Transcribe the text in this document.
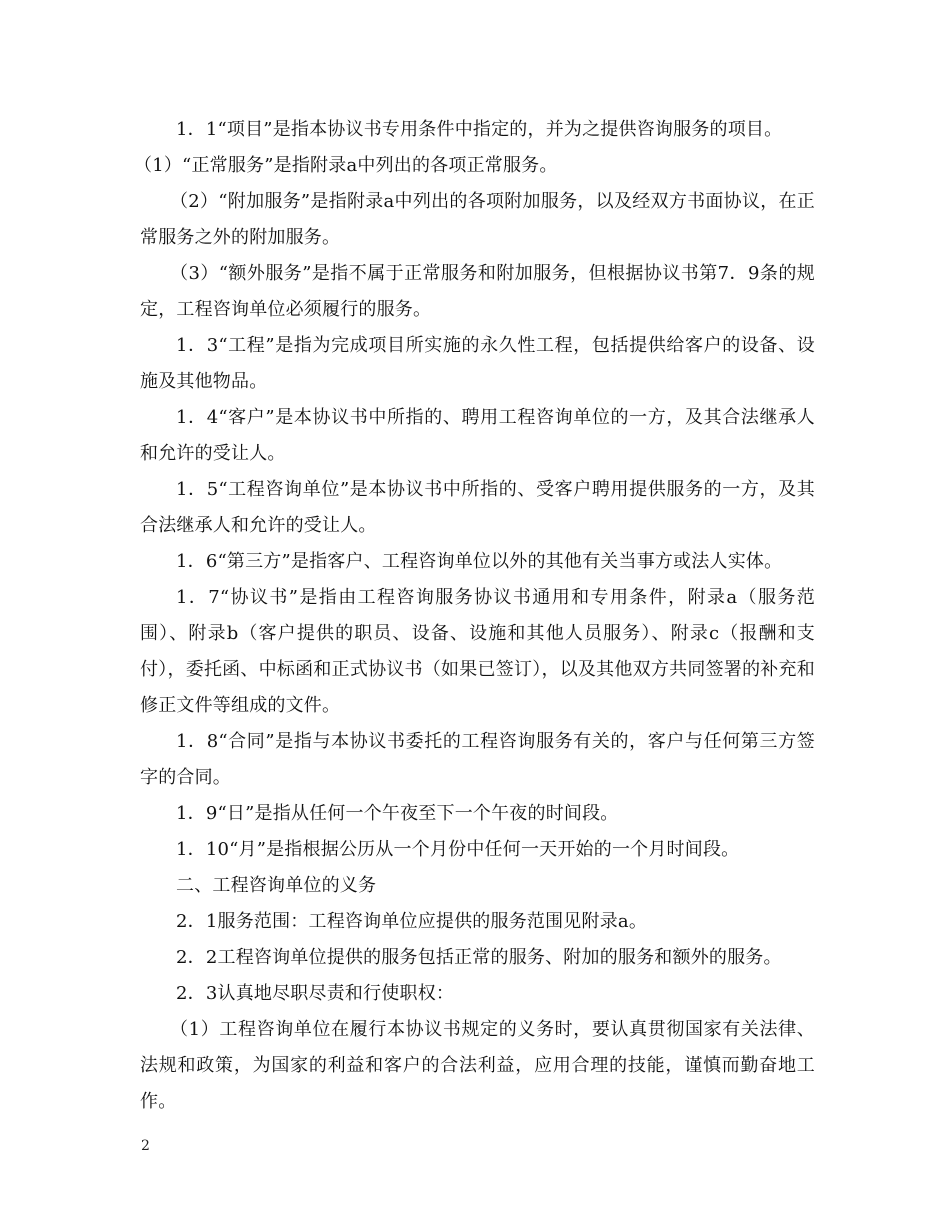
1．1“项目”是指本协议书专用条件中指定的，并为之提供咨询服务的项目。

（1）“正常服务”是指附录a中列出的各项正常服务。

（2）“附加服务”是指附录a中列出的各项附加服务，以及经双方书面协议，在正常服务之外的附加服务。

（3）“额外服务”是指不属于正常服务和附加服务，但根据协议书第7．9条的规定，工程咨询单位必须履行的服务。

1．3“工程”是指为完成项目所实施的永久性工程，包括提供给客户的设备、设施及其他物品。

1．4“客户”是本协议书中所指的、聘用工程咨询单位的一方，及其合法继承人和允许的受让人。

1．5“工程咨询单位”是本协议书中所指的、受客户聘用提供服务的一方，及其合法继承人和允许的受让人。

1．6“第三方”是指客户、工程咨询单位以外的其他有关当事方或法人实体。

1．7“协议书”是指由工程咨询服务协议书通用和专用条件，附录a（服务范围）、附录b（客户提供的职员、设备、设施和其他人员服务）、附录c（报酬和支付），委托函、中标函和正式协议书（如果已签订），以及其他双方共同签署的补充和修正文件等组成的文件。

1．8“合同”是指与本协议书委托的工程咨询服务有关的，客户与任何第三方签字的合同。

1．9“日”是指从任何一个午夜至下一个午夜的时间段。

1．10“月”是指根据公历从一个月份中任何一天开始的一个月时间段。

二、工程咨询单位的义务

2．1服务范围：工程咨询单位应提供的服务范围见附录a。

2．2工程咨询单位提供的服务包括正常的服务、附加的服务和额外的服务。

2．3认真地尽职尽责和行使职权：

（1）工程咨询单位在履行本协议书规定的义务时，要认真贯彻国家有关法律、法规和政策，为国家的利益和客户的合法利益，应用合理的技能，谨慎而勤奋地工作。

2
